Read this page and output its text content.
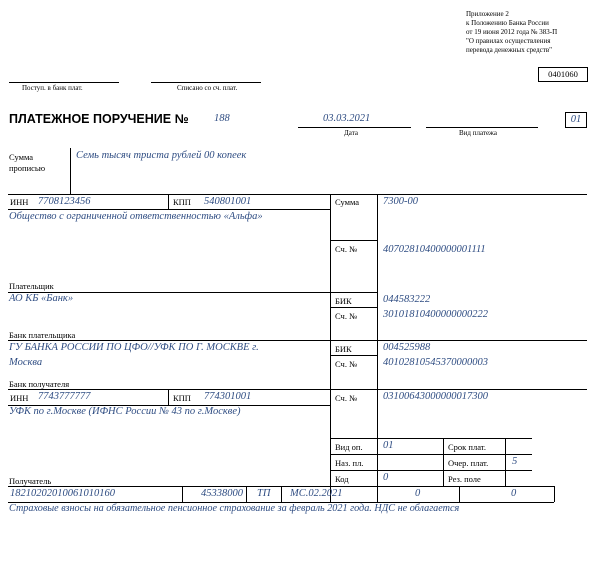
Приложение 2
к Положению Банка России
от 19 июня 2012 года № 383-П
"О правилах осуществления
перевода денежных средств"
0401060
Поступ. в банк плат.	Списано со сч. плат.
ПЛАТЕЖНОЕ ПОРУЧЕНИЕ № 188	03.03.2021
Дата	Вид платежа
01
Сумма
прописью
Семь тысяч триста рублей 00 копеек
ИНН 7708123456	КПП 540801001
Общество с ограниченной ответственностью «Альфа»
Плательщик
Сумма 7300-00
Сч. № 40702810400000001111
АО КБ «Банк»
Банк плательщика
БИК	044583222
Сч. № 30101810400000000222
ГУ БАНКА РОССИИ ПО ЦФО//УФК ПО Г. МОСКВЕ г.
Москва
Банк получателя
БИК	004525988
Сч. № 40102810545370000003
ИНН 7743777777	КПП 774301001
УФК по г.Москве (ИФНС России № 43 по г.Москве)
Сч. № 03100643000000017300
Получатель
Вид оп. 01
Наз. пл.
Код	0
Срок плат.
Очер. плат. 5
Рез. поле
18210202010061010160	45338000 ТП МС.02.2021	0	0
Страховые взносы на обязательное пенсионное страхование за февраль 2021 года. НДС не облагается
